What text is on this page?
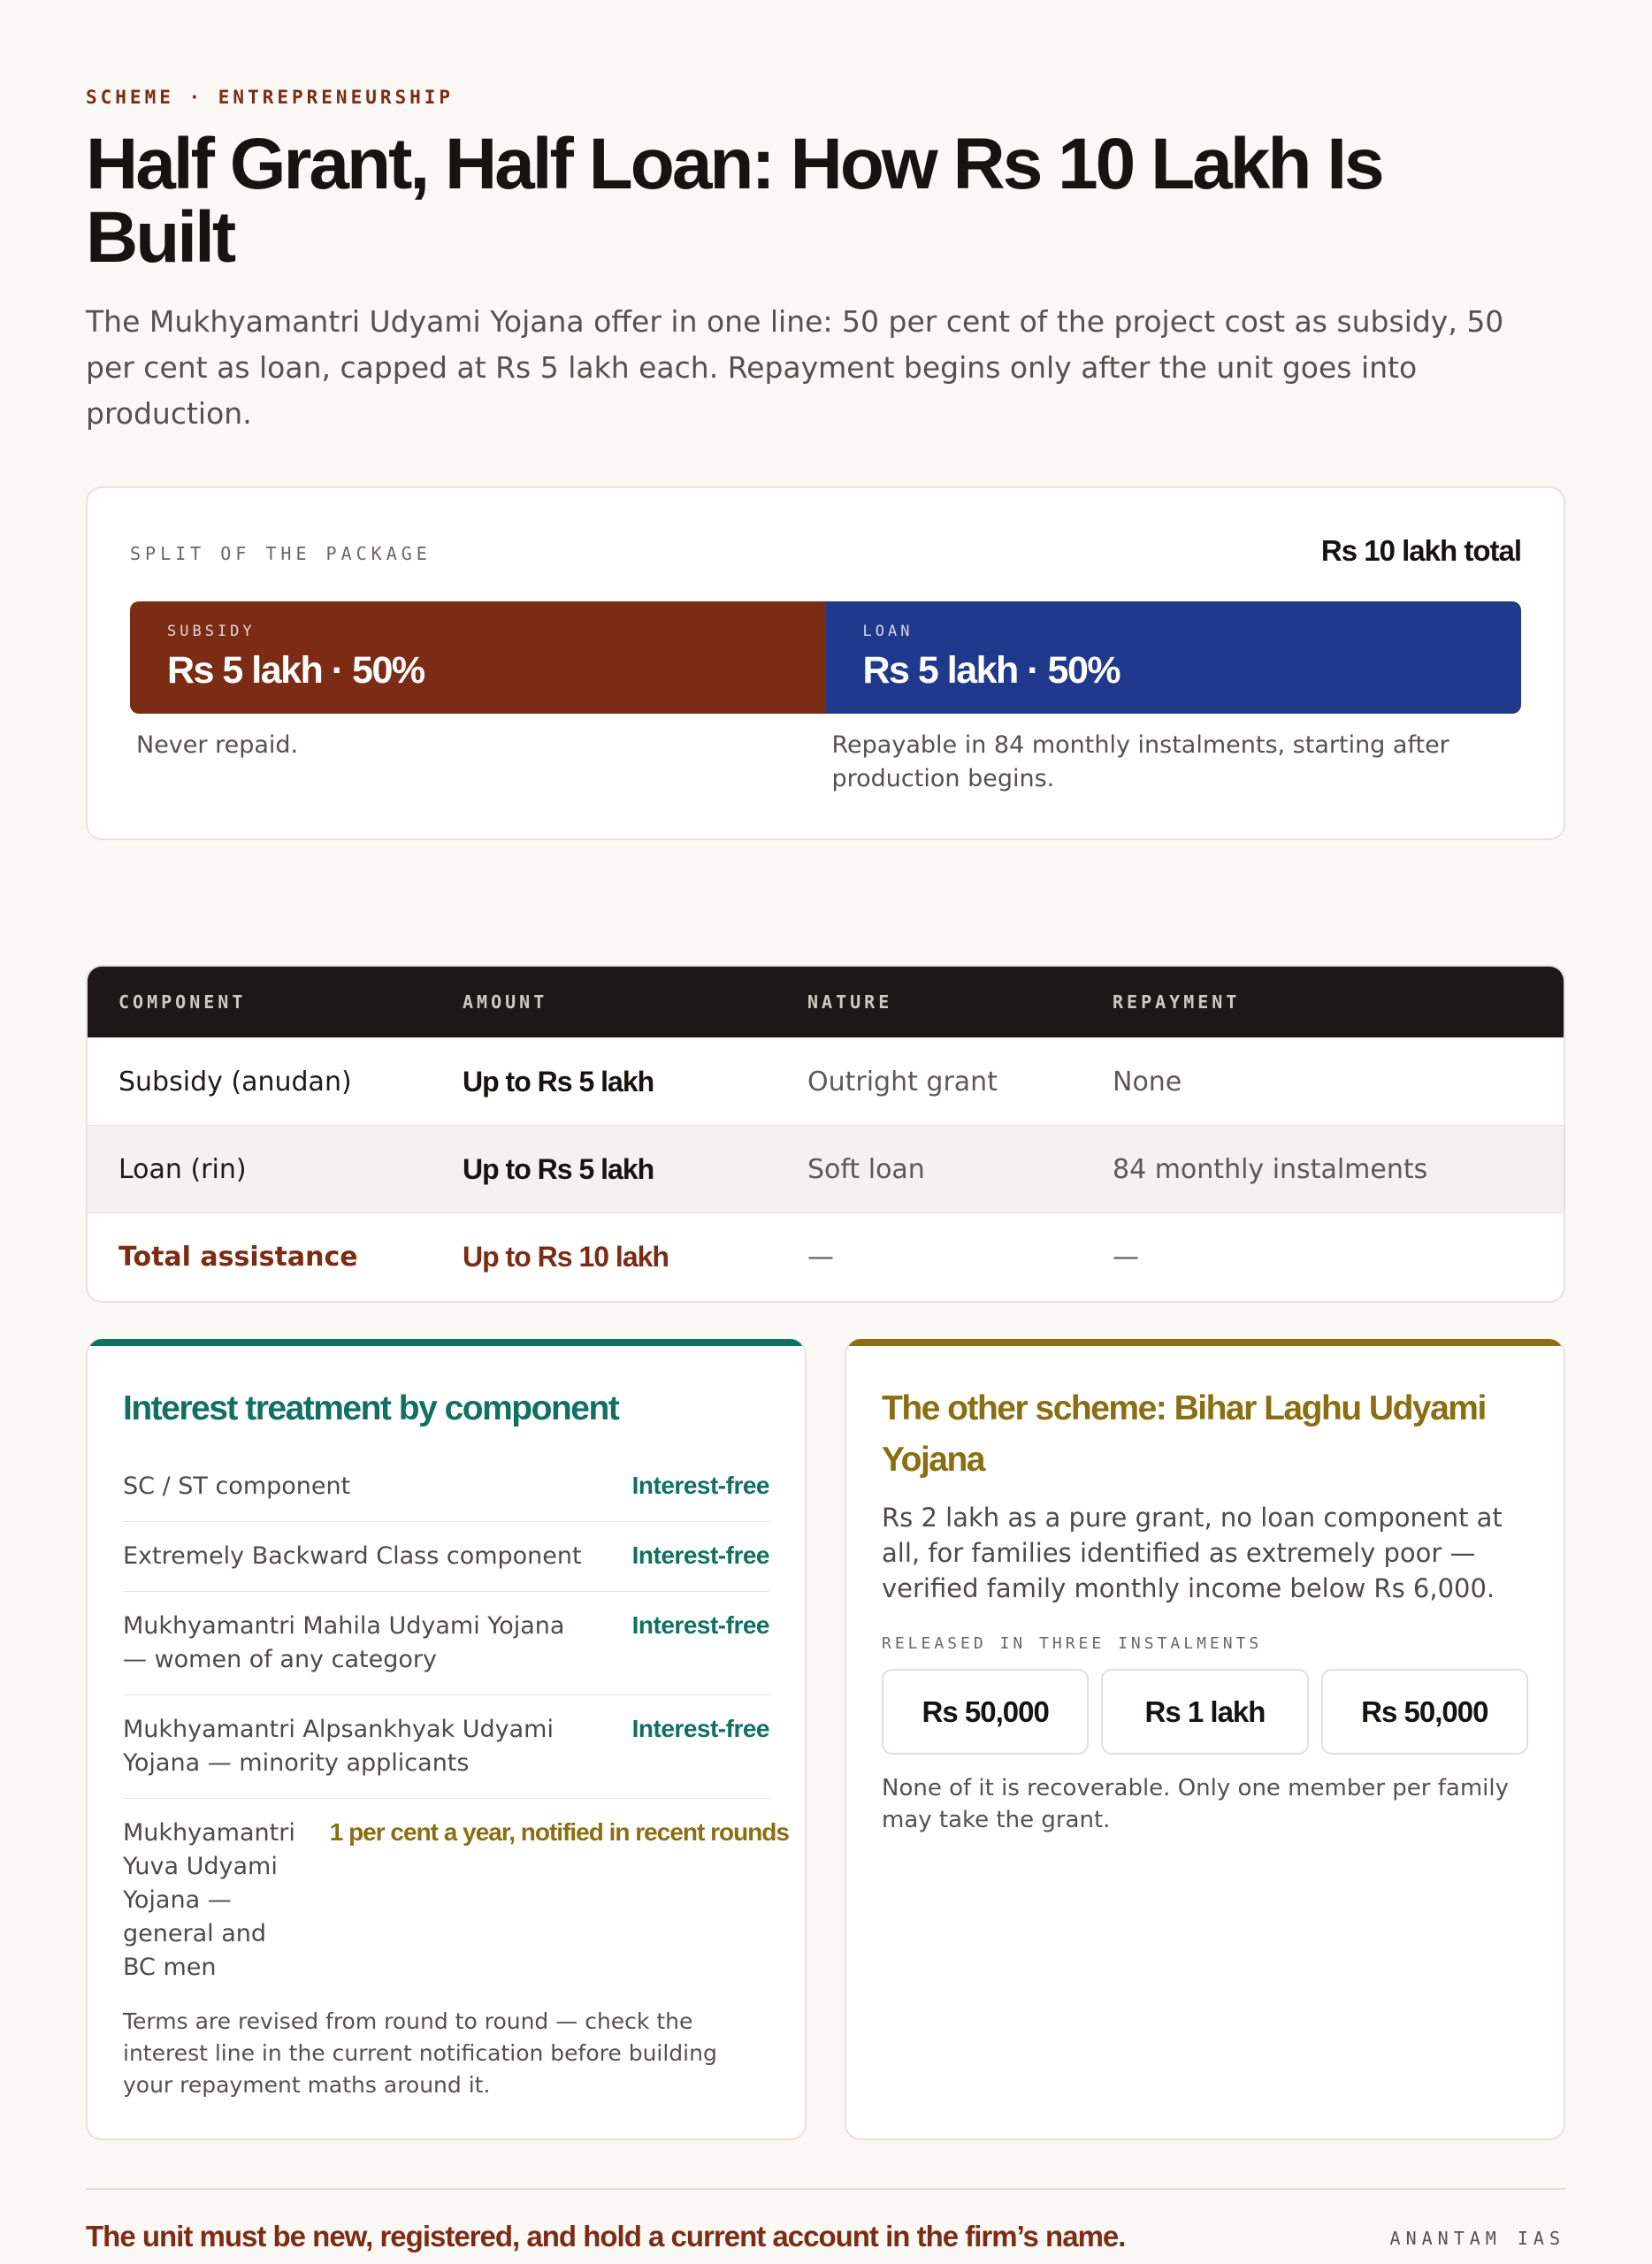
SCHEME · ENTREPRENEURSHIP
Half Grant, Half Loan: How Rs 10 Lakh Is Built

The Mukhyamantri Udyami Yojana offer in one line: 50 per cent of the project cost as subsidy, 50 per cent as loan, capped at Rs 5 lakh each. Repayment begins only after the unit goes into production.

SPLIT OF THE PACKAGE	Rs 10 lakh total
SUBSIDY
Rs 5 lakh · 50%
LOAN
Rs 5 lakh · 50%
Never repaid.	Repayable in 84 monthly instalments, starting after production begins.
COMPONENT	AMOUNT	NATURE	REPAYMENT
Subsidy (anudan)	Up to Rs 5 lakh	Outright grant	None
Loan (rin)	Up to Rs 5 lakh	Soft loan	84 monthly instalments
Total assistance	Up to Rs 10 lakh	—	—
Interest treatment by component
SC / ST component	Interest-free
Extremely Backward Class component Interest-free
Mukhyamantri Mahila Udyami Yojana — women of any category
Interest-free
Mukhyamantri Alpsankhyak Udyami Yojana — minority applicants
Interest-free
Mukhyamantri Yuva Udyami Yojana — general and BC men
1 per cent a year, notified in recent rounds

Terms are revised from round to round — check the interest line in the current notification before building your repayment maths around it.

The other scheme: Bihar Laghu Udyami Yojana

Rs 2 lakh as a pure grant, no loan component at all, for families identified as extremely poor — verified family monthly income below Rs 6,000.

RELEASED IN THREE INSTALMENTS
Rs 50,000	Rs 1 lakh	Rs 50,000

None of it is recoverable. Only one member per family may take the grant.

The unit must be new, registered, and hold a current account in the firm’s name.	ANANTAM IAS
